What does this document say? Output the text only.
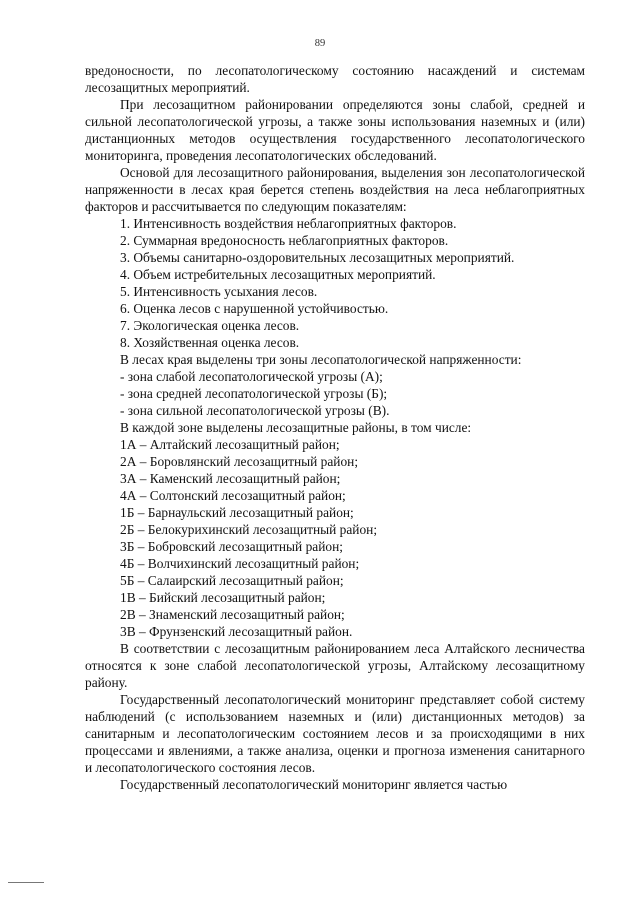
89

вредоносности, по лесопатологическому состоянию насаждений и системам лесозащитных мероприятий.

При лесозащитном районировании определяются зоны слабой, средней и сильной лесопатологической угрозы, а также зоны использования наземных и (или) дистанционных методов осуществления государственного лесопатологического мониторинга, проведения лесопатологических обследований.

Основой для лесозащитного районирования, выделения зон лесопатологической напряженности в лесах края берется степень воздействия на леса неблагоприятных факторов и рассчитывается по следующим показателям:

1. Интенсивность воздействия неблагоприятных факторов.

2. Суммарная вредоносность неблагоприятных факторов.

3. Объемы санитарно-оздоровительных лесозащитных мероприятий.

4. Объем истребительных лесозащитных мероприятий.

5. Интенсивность усыхания лесов.

6. Оценка лесов с нарушенной устойчивостью.

7. Экологическая оценка лесов.

8. Хозяйственная оценка лесов.

В лесах края выделены три зоны лесопатологической напряженности:

- зона слабой лесопатологической угрозы (А);

- зона средней лесопатологической угрозы (Б);

- зона сильной лесопатологической угрозы (В).

В каждой зоне выделены лесозащитные районы, в том числе:

1А – Алтайский лесозащитный район;

2А – Боровлянский лесозащитный район;

3А – Каменский лесозащитный район;

4А – Солтонский лесозащитный район;

1Б – Барнаульский лесозащитный район;

2Б – Белокурихинский лесозащитный район;

3Б – Бобровский лесозащитный район;

4Б – Волчихинский лесозащитный район;

5Б – Салаирский лесозащитный район;

1В – Бийский лесозащитный район;

2В – Знаменский лесозащитный район;

3В – Фрунзенский лесозащитный район.

В соответствии с лесозащитным районированием леса Алтайского лесничества относятся к зоне слабой лесопатологической угрозы, Алтайскому лесозащитному району.

Государственный лесопатологический мониторинг представляет собой систему наблюдений (с использованием наземных и (или) дистанционных методов) за санитарным и лесопатологическим состоянием лесов и за происходящими в них процессами и явлениями, а также анализа, оценки и прогноза изменения санитарного и лесопатологического состояния лесов.

Государственный лесопатологический мониторинг является частью
